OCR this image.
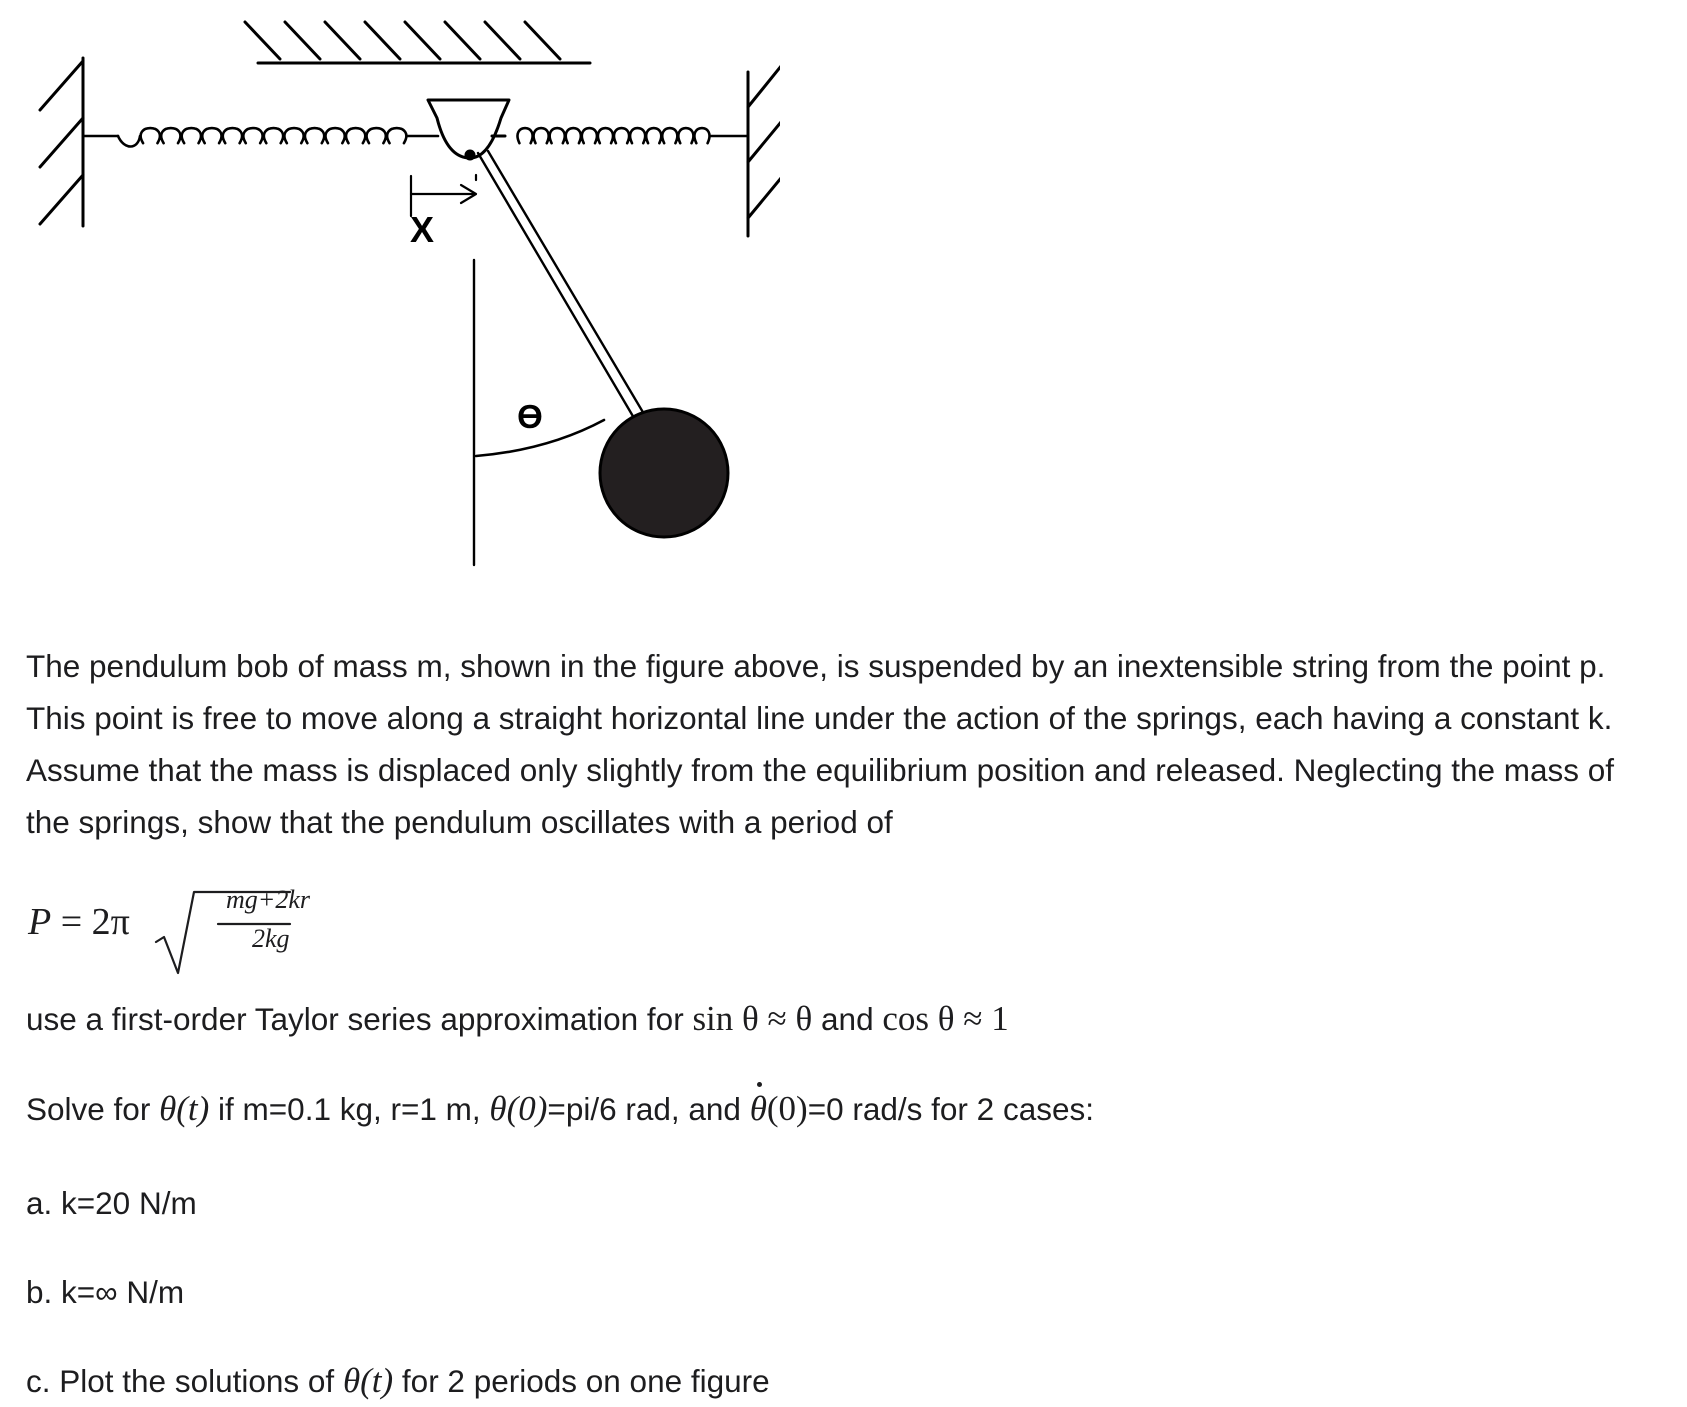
X
ϴ

The pendulum bob of mass m, shown in the figure above, is suspended by an inextensible string from the point p. This point is free to move along a straight horizontal line under the action of the springs, each having a constant k. Assume that the mass is displaced only slightly from the equilibrium position and released. Neglecting the mass of the springs, show that the pendulum oscillates with a period of

P = 2π
mg+2kr
2kg

use a first-order Taylor series approximation for sin θ ≈ θ and cos θ ≈ 1

Solve for θ(t) if m=0.1 kg, r=1 m, θ(0)=pi/6 rad, and θ(0)=0 rad/s for 2 cases:

a. k=20 N/m

b. k=∞ N/m

c. Plot the solutions of θ(t) for 2 periods on one figure
